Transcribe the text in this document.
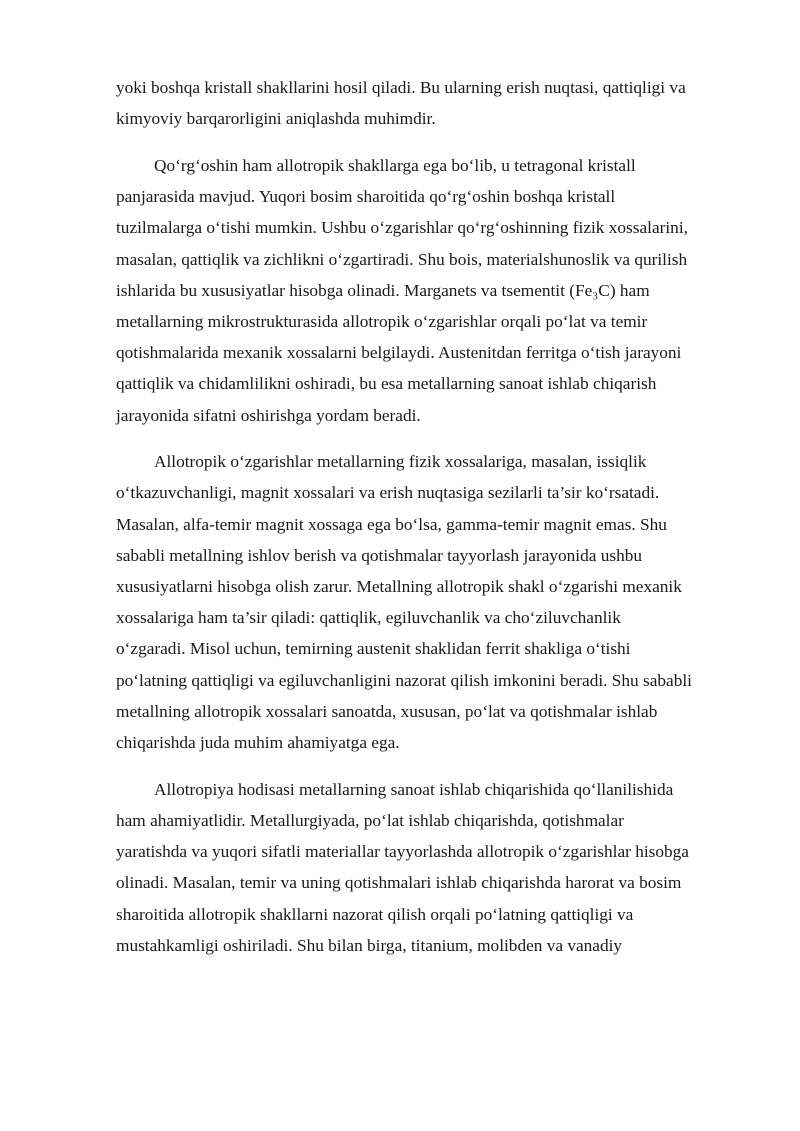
yoki boshqa kristall shakllarini hosil qiladi. Bu ularning erish nuqtasi, qattiqligi va
kimyoviy barqarorligini aniqlashda muhimdir.

Qo‘rg‘oshin ham allotropik shakllarga ega bo‘lib, u tetragonal kristall
panjarasida mavjud. Yuqori bosim sharoitida qo‘rg‘oshin boshqa kristall
tuzilmalarga o‘tishi mumkin. Ushbu o‘zgarishlar qo‘rg‘oshinning fizik xossalarini,
masalan, qattiqlik va zichlikni o‘zgartiradi. Shu bois, materialshunoslik va qurilish
ishlarida bu xususiyatlar hisobga olinadi. Marganets va tsementit (Fe₃C) ham
metallarning mikrostrukturasida allotropik o‘zgarishlar orqali po‘lat va temir
qotishmalarida mexanik xossalarni belgilaydi. Austenitdan ferritga o‘tish jarayoni
qattiqlik va chidamlilikni oshiradi, bu esa metallarning sanoat ishlab chiqarish
jarayonida sifatni oshirishga yordam beradi.

Allotropik o‘zgarishlar metallarning fizik xossalariga, masalan, issiqlik
o‘tkazuvchanligi, magnit xossalari va erish nuqtasiga sezilarli ta’sir ko‘rsatadi.
Masalan, alfa-temir magnit xossaga ega bo‘lsa, gamma-temir magnit emas. Shu
sababli metallning ishlov berish va qotishmalar tayyorlash jarayonida ushbu
xususiyatlarni hisobga olish zarur. Metallning allotropik shakl o‘zgarishi mexanik
xossalariga ham ta’sir qiladi: qattiqlik, egiluvchanlik va cho‘ziluvchanlik
o‘zgaradi. Misol uchun, temirning austenit shaklidan ferrit shakliga o‘tishi
po‘latning qattiqligi va egiluvchanligini nazorat qilish imkonini beradi. Shu sababli
metallning allotropik xossalari sanoatda, xususan, po‘lat va qotishmalar ishlab
chiqarishda juda muhim ahamiyatga ega.

Allotropiya hodisasi metallarning sanoat ishlab chiqarishida qo‘llanilishida
ham ahamiyatlidir. Metallurgiyada, po‘lat ishlab chiqarishda, qotishmalar
yaratishda va yuqori sifatli materiallar tayyorlashda allotropik o‘zgarishlar hisobga
olinadi. Masalan, temir va uning qotishmalari ishlab chiqarishda harorat va bosim
sharoitida allotropik shakllarni nazorat qilish orqali po‘latning qattiqligi va
mustahkamligi oshiriladi. Shu bilan birga, titanium, molibden va vanadiy
